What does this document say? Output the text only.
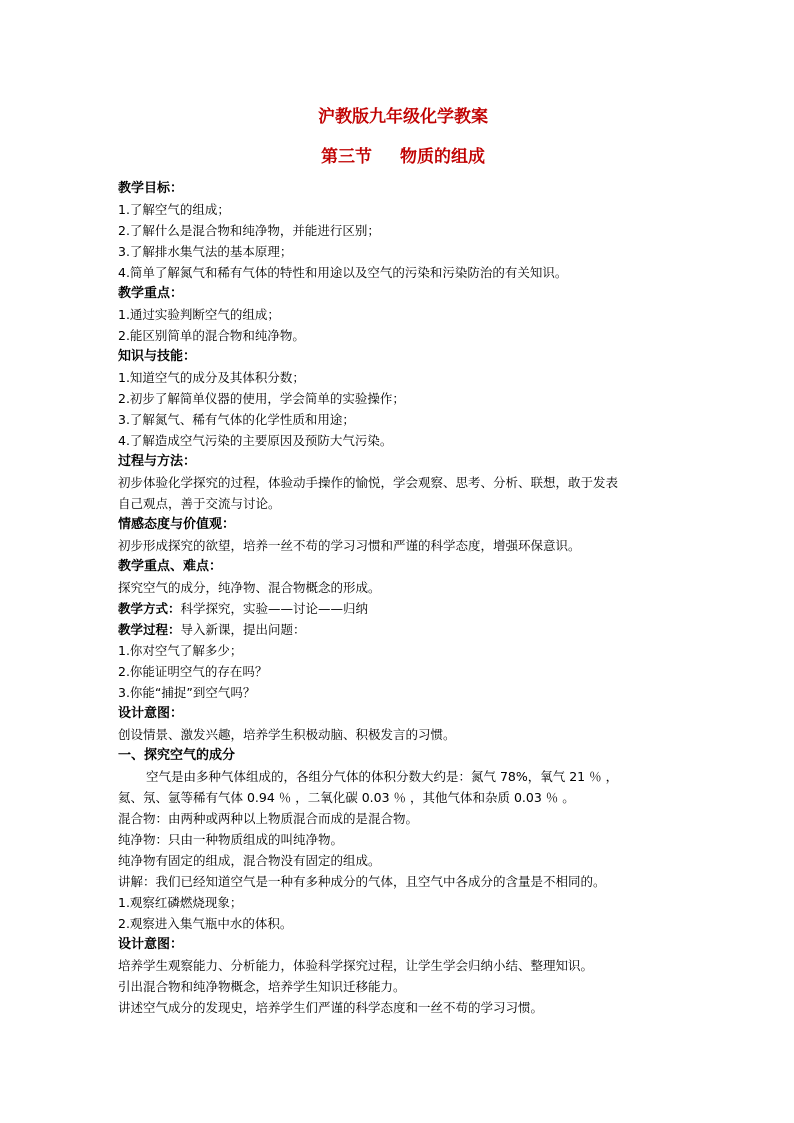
沪教版九年级化学教案
第三节 物质的组成
教学目标：
1.了解空气的组成；
2.了解什么是混合物和纯净物，并能进行区别；
3.了解排水集气法的基本原理；
4.简单了解氮气和稀有气体的特性和用途以及空气的污染和污染防治的有关知识。
教学重点：
1.通过实验判断空气的组成；
2.能区别简单的混合物和纯净物。
知识与技能：
1.知道空气的成分及其体积分数；
2.初步了解简单仪器的使用，学会简单的实验操作；
3.了解氮气、稀有气体的化学性质和用途；
4.了解造成空气污染的主要原因及预防大气污染。
过程与方法：
初步体验化学探究的过程，体验动手操作的愉悦，学会观察、思考、分析、联想，敢于发表
自己观点，善于交流与讨论。
情感态度与价值观：
初步形成探究的欲望，培养一丝不苟的学习习惯和严谨的科学态度，增强环保意识。
教学重点、难点：
探究空气的成分，纯净物、混合物概念的形成。
教学方式：科学探究，实验——讨论——归纳
教学过程：导入新课，提出问题：
1.你对空气了解多少；
2.你能证明空气的存在吗？
3.你能“捕捉”到空气吗？
设计意图：
创设情景、激发兴趣，培养学生积极动脑、积极发言的习惯。
一、探究空气的成分
空气是由多种气体组成的，各组分气体的体积分数大约是：氮气 78%，氧气 21 ％ ，
氦、氖、氩等稀有气体 0.94 ％ ，二氧化碳 0.03 ％ ，其他气体和杂质 0.03 ％ 。
混合物：由两种或两种以上物质混合而成的是混合物。
纯净物：只由一种物质组成的叫纯净物。
纯净物有固定的组成，混合物没有固定的组成。
讲解：我们已经知道空气是一种有多种成分的气体，且空气中各成分的含量是不相同的。
1.观察红磷燃烧现象；
2.观察进入集气瓶中水的体积。
设计意图：
培养学生观察能力、分析能力，体验科学探究过程，让学生学会归纳小结、整理知识。
引出混合物和纯净物概念，培养学生知识迁移能力。
讲述空气成分的发现史，培养学生们严谨的科学态度和一丝不苟的学习习惯。
